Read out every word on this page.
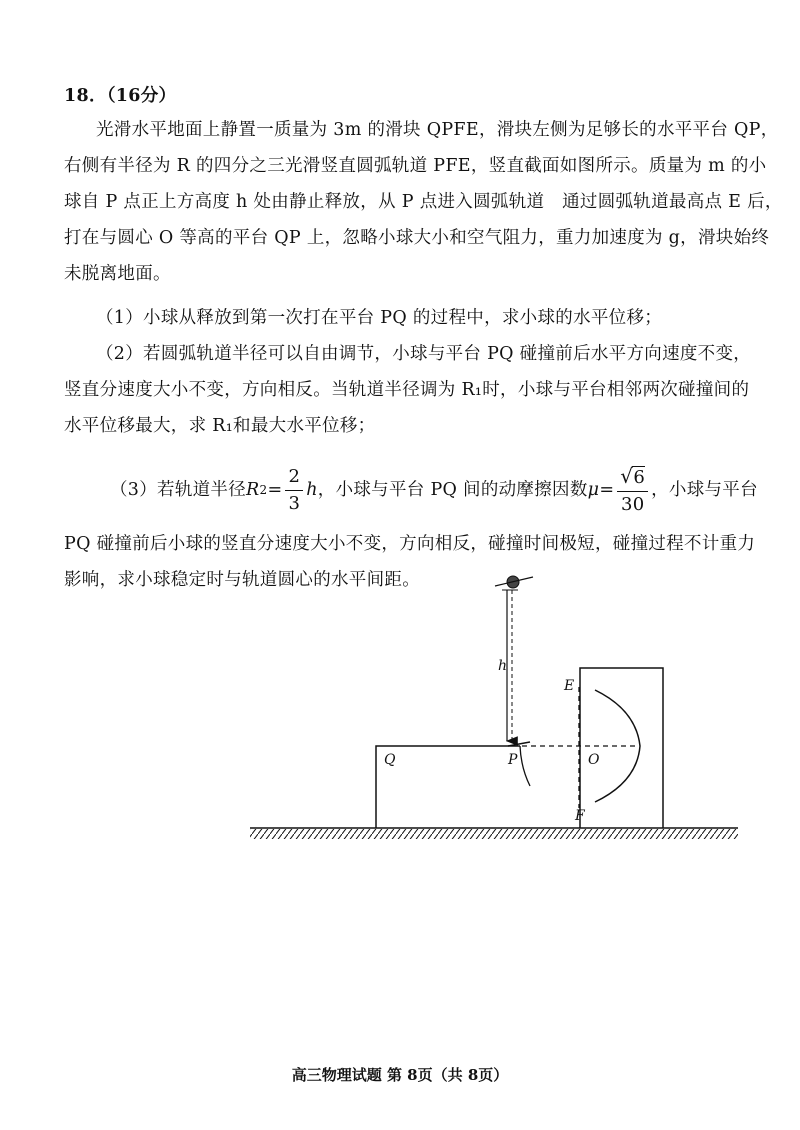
18．（16分）
光滑水平地面上静置一质量为 3m 的滑块 QPFE，滑块左侧为足够长的水平平台 QP，
右侧有半径为 R 的四分之三光滑竖直圆弧轨道 PFE，竖直截面如图所示。质量为 m 的小
球自 P 点正上方高度 h 处由静止释放，从 P 点进入圆弧轨道　通过圆弧轨道最高点 E 后，
打在与圆心 O 等高的平台 QP 上，忽略小球大小和空气阻力，重力加速度为 g，滑块始终
未脱离地面。
（1）小球从释放到第一次打在平台 PQ 的过程中，求小球的水平位移；
（2）若圆弧轨道半径可以自由调节，小球与平台 PQ 碰撞前后水平方向速度不变，
竖直分速度大小不变，方向相反。当轨道半径调为 R₁时，小球与平台相邻两次碰撞间的
水平位移最大，求 R₁和最大水平位移；
（3）若轨道半径 R $2 = \frac{2}{3}$ h ，小球与平台 PQ 间的动摩擦因数 $\mu = \frac{√6}{30}$ ，小球与平台
PQ 碰撞前后小球的竖直分速度大小不变，方向相反，碰撞时间极短，碰撞过程不计重力
影响，求小球稳定时与轨道圆心的水平间距。
h
E
Q	P	O
F
高三物理试题 第 8页（共 8页）
